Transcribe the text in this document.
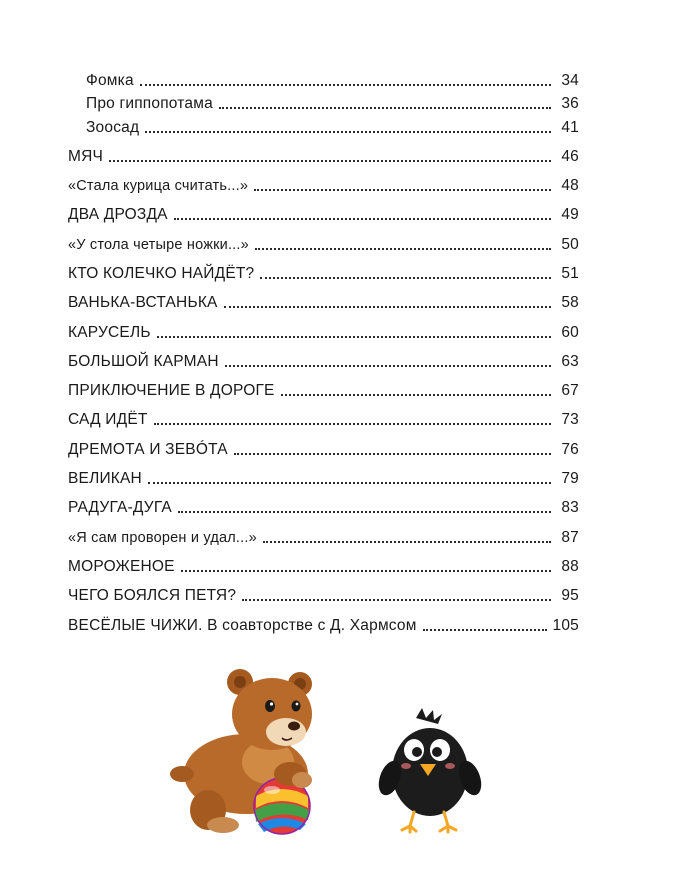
Фомка	34
Про гиппопотама	36
Зоосад	41
МЯЧ	46
«Стала курица считать...»	48
ДВА ДРОЗДА	49
«У стола четыре ножки...»	50
КТО КОЛЕЧКО НАЙДЁТ?	51
ВАНЬКА-ВСТАНЬКА	58
КАРУСЕЛЬ	60
БОЛЬШОЙ КАРМАН	63
ПРИКЛЮЧЕНИЕ В ДОРОГЕ	67
САД ИДЁТ	73
ДРЕМОТА И ЗЕВÓТА	76
ВЕЛИКАН	79
РАДУГА-ДУГА	83
«Я сам проворен и удал...»	87
МОРОЖЕНОЕ	88
ЧЕГО БОЯЛСЯ ПЕТЯ?	95
ВЕСЁЛЫЕ ЧИЖИ. В соавторстве с Д. Хармсом	105
